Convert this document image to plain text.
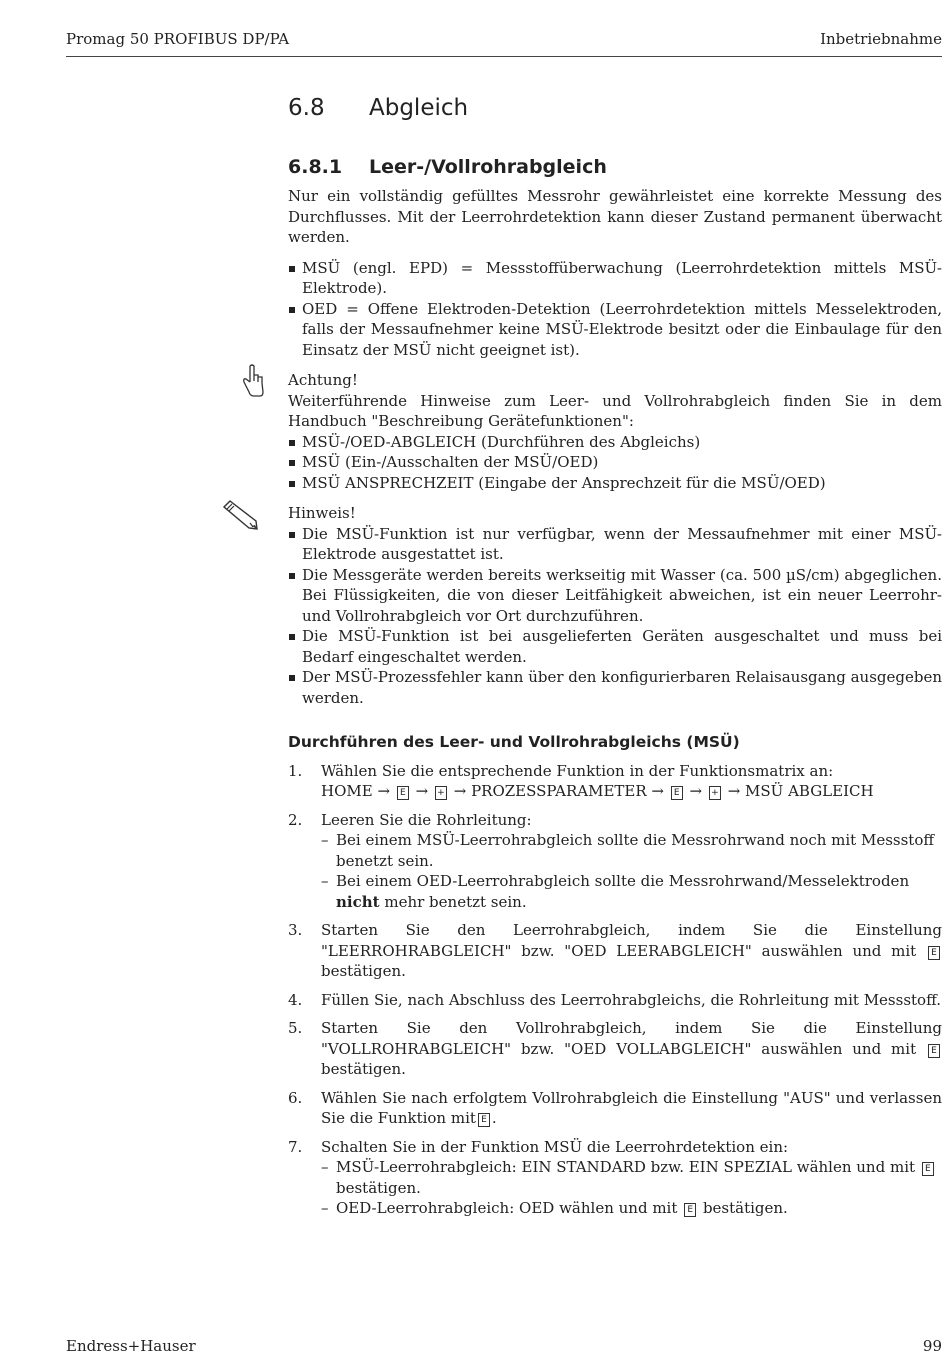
Promag 50 PROFIBUS DP/PA	Inbetriebnahme
6.8 Abgleich
6.8.1 Leer-/Vollrohrabgleich

Nur ein vollständig gefülltes Messrohr gewährleistet eine korrekte Messung des Durchflusses. Mit der Leerrohrdetektion kann dieser Zustand permanent überwacht werden.

MSÜ (engl. EPD) = Messstoffüberwachung (Leerrohrdetektion mittels MSÜ-Elektrode).
OED = Offene Elektroden-Detektion (Leerrohrdetektion mittels Messelektroden, falls der Messaufnehmer keine MSÜ-Elektrode besitzt oder die Einbaulage für den Einsatz der MSÜ nicht geeignet ist).
Achtung!
Weiterführende Hinweise zum Leer- und Vollrohrabgleich finden Sie in dem Handbuch "Beschreibung Gerätefunktionen":
MSÜ-/OED-ABGLEICH (Durchführen des Abgleichs)
MSÜ (Ein-/Ausschalten der MSÜ/OED)
MSÜ ANSPRECHZEIT (Eingabe der Ansprechzeit für die MSÜ/OED)
Hinweis!
Die MSÜ-Funktion ist nur verfügbar, wenn der Messaufnehmer mit einer MSÜ-Elektrode ausgestattet ist.
Die Messgeräte werden bereits werkseitig mit Wasser (ca. 500 µS/cm) abgeglichen. Bei Flüssigkeiten, die von dieser Leitfähigkeit abweichen, ist ein neuer Leerrohr- und Vollrohrabgleich vor Ort durchzuführen.
Die MSÜ-Funktion ist bei ausgelieferten Geräten ausgeschaltet und muss bei Bedarf eingeschaltet werden.
Der MSÜ-Prozessfehler kann über den konfigurierbaren Relaisausgang ausgegeben werden.
Durchführen des Leer- und Vollrohrabgleichs (MSÜ)
1. Wählen Sie die entsprechende Funktion in der Funktionsmatrix an:
HOME → E → + → PROZESSPARAMETER → E → + → MSÜ ABGLEICH
2. Leeren Sie die Rohrleitung:
– Bei einem MSÜ-Leerrohrabgleich sollte die Messrohrwand noch mit Messstoff benetzt sein.
– Bei einem OED-Leerrohrabgleich sollte die Messrohrwand/Messelektroden nicht mehr benetzt sein.
3. Starten Sie den Leerrohrabgleich, indem Sie die Einstellung "LEERROHRABGLEICH" bzw. "OED LEERABGLEICH" auswählen und mit E bestätigen.
4. Füllen Sie, nach Abschluss des Leerrohrabgleichs, die Rohrleitung mit Messstoff.
5. Starten Sie den Vollrohrabgleich, indem Sie die Einstellung "VOLLROHRABGLEICH" bzw. "OED VOLLABGLEICH" auswählen und mit E bestätigen.
6. Wählen Sie nach erfolgtem Vollrohrabgleich die Einstellung "AUS" und verlassen Sie die Funktion mit E .
7. Schalten Sie in der Funktion MSÜ die Leerrohrdetektion ein:
– MSÜ-Leerrohrabgleich: EIN STANDARD bzw. EIN SPEZIAL wählen und mit E bestätigen.
– OED-Leerrohrabgleich: OED wählen und mit E bestätigen.
Endress+Hauser	99
